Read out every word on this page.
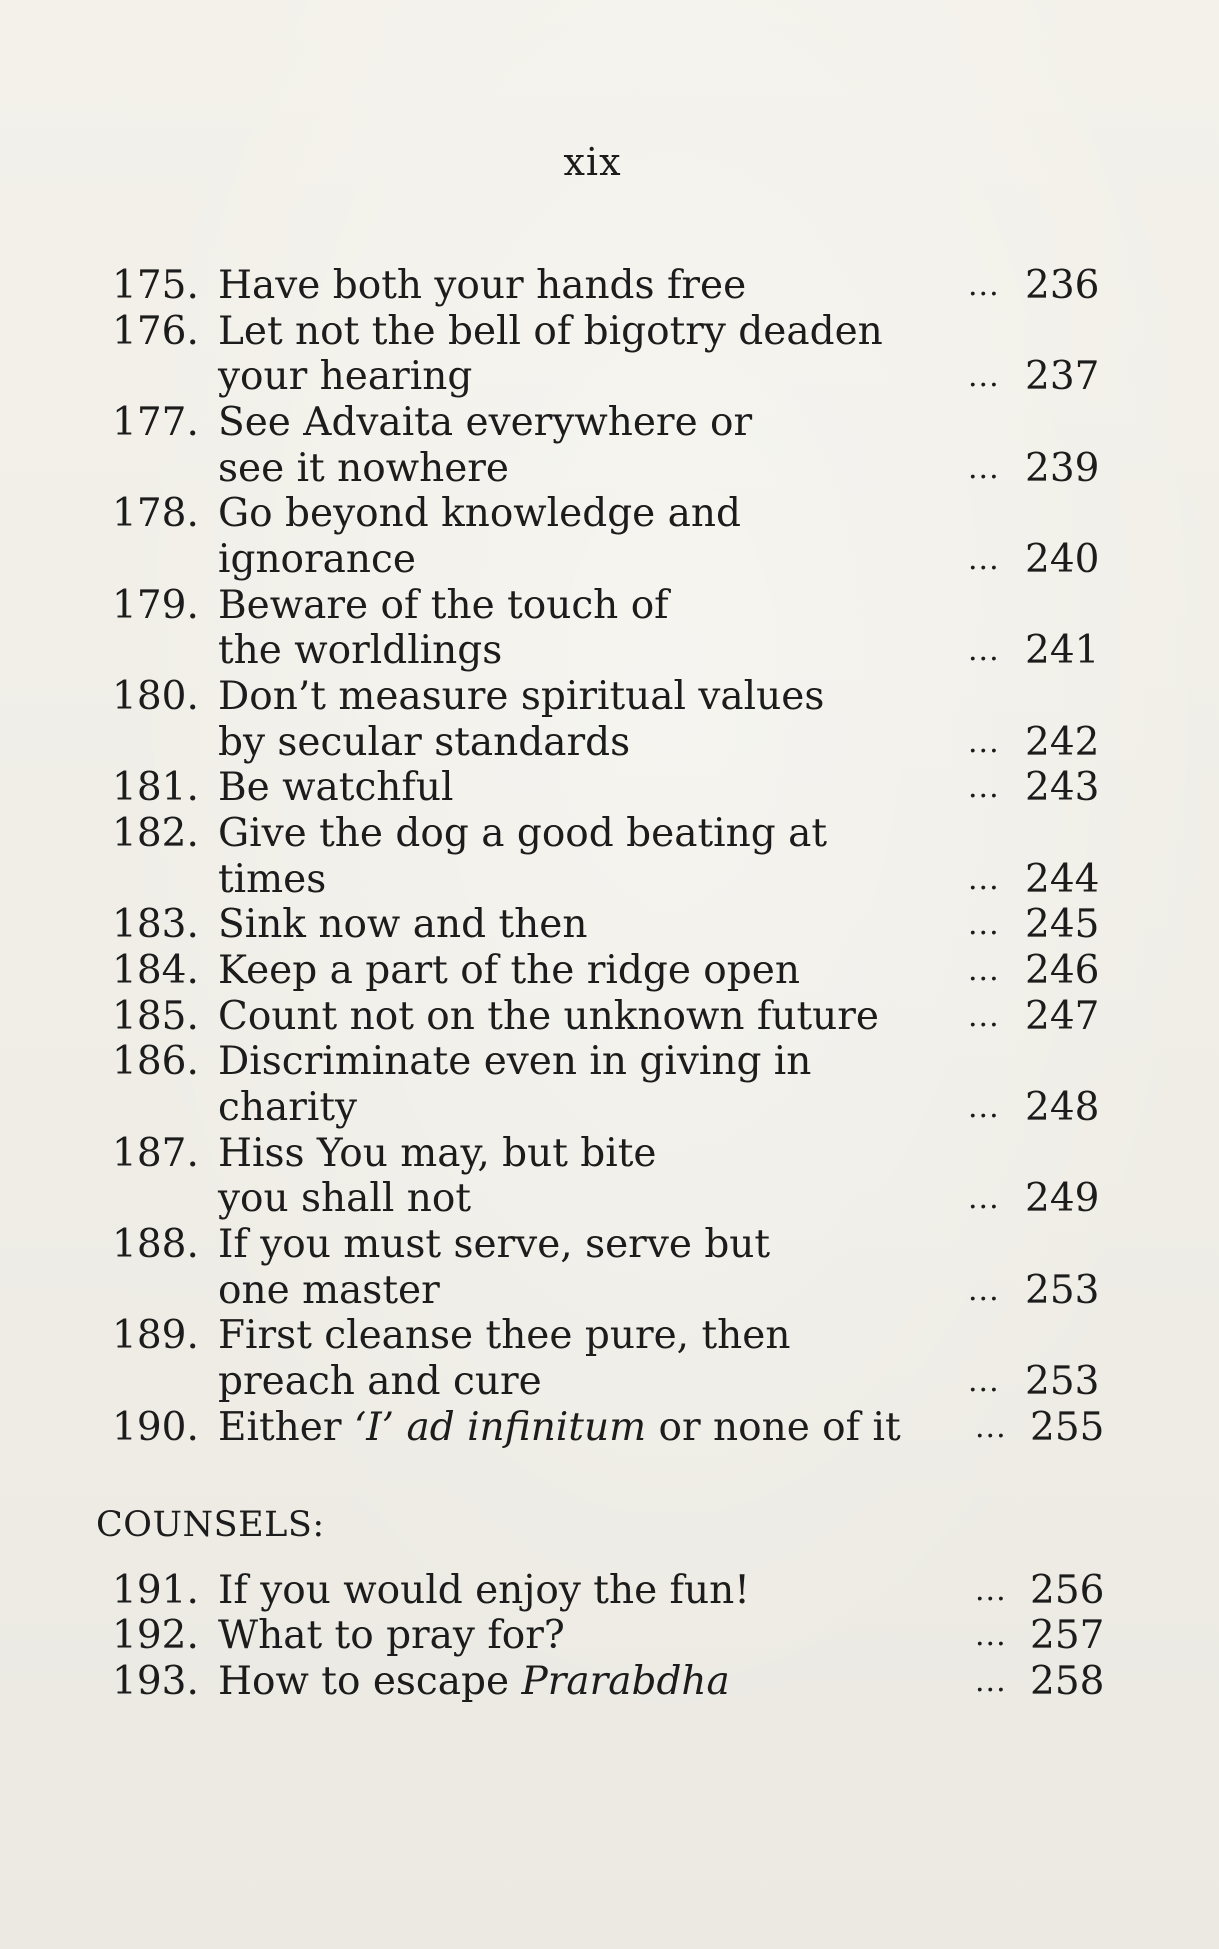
xix
175. Have both your hands free	... 236
176. Let not the bell of bigotry deaden
your hearing	... 237
177. See Advaita everywhere or
see it nowhere	... 239
178. Go beyond knowledge and
ignorance	... 240
179. Beware of the touch of
the worldlings	... 241
180. Don’t measure spiritual values
by secular standards	... 242
181. Be watchful	... 243
182. Give the dog a good beating at
times	... 244
183. Sink now and then	... 245
184. Keep a part of the ridge open	... 246
185. Count not on the unknown future	... 247
186. Discriminate even in giving in
charity	... 248
187. Hiss You may, but bite
you shall not	... 249
188. If you must serve, serve but
one master	... 253
189. First cleanse thee pure, then
preach and cure	... 253
190. Either ‘I’ ad infinitum or none of it ... 255
COUNSELS:
191. If you would enjoy the fun!	... 256
192. What to pray for?	... 257
193. How to escape Prarabdha	... 258
